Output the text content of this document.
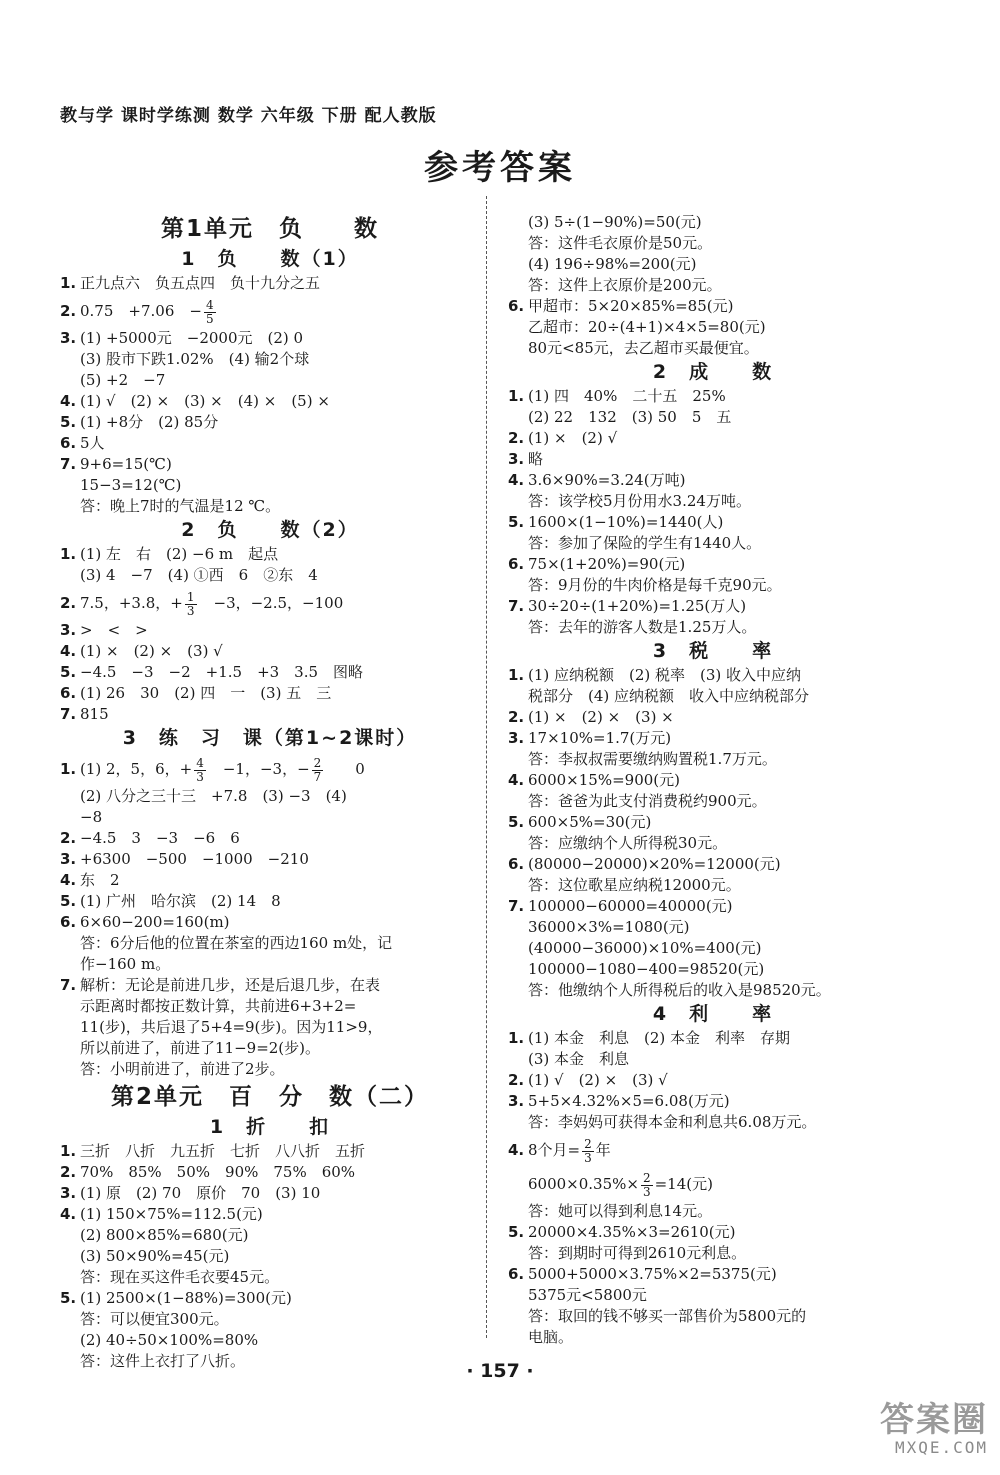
教与学 课时学练测 数学 六年级 下册 配人教版
参考答案
第1单元　负　　数
1　负　　数（1）
1. 正九点六　负五点四　负十九分之五
2. 0.75　+7.06　− $\frac{4}{5}$
3. (1) +5000元　−2000元　(2) 0
(3) 股市下跌1.02%　(4) 输2个球
(5) +2　−7
4. (1) √　(2) ×　(3) ×　(4) ×　(5) ×
5. (1) +8分　(2) 85分
6. 5人
7. 9+6=15(℃)
15−3=12(℃)
答：晚上7时的气温是12 ℃。
2　负　　数（2）
1. (1) 左　右　(2) −6 m　起点
(3) 4　−7　(4) ①西　6　②东　4
2. 7.5，+3.8，+ $\frac{1}{3}$ 　−3，−2.5，−100
3. >　<　>
4. (1) ×　(2) ×　(3) √
5. −4.5　−3　−2　+1.5　+3　3.5　图略
6. (1) 26　30　(2) 四　一　(3) 五　三
7. 815
3　练　习　课（第1~2课时）
1. (1) 2，5，6，+ $\frac{4}{3}$ 　−1，−3，− $\frac{2}{7}$ 　　0
(2) 八分之三十三　+7.8　(3) −3　(4)
−8
2. −4.5　3　−3　−6　6
3. +6300　−500　−1000　−210
4. 东　2
5. (1) 广州　哈尔滨　(2) 14　8
6. 6×60−200=160(m)
答：6分后他的位置在茶室的西边160 m处，记
作−160 m。
7. 解析：无论是前进几步，还是后退几步，在表
示距离时都按正数计算，共前进6+3+2=
11(步)，共后退了5+4=9(步)。因为11>9，
所以前进了，前进了11−9=2(步)。
答：小明前进了，前进了2步。
第2单元　百　分　数（二）
1　折　　扣
1. 三折　八折　九五折　七折　八八折　五折
2. 70%　85%　50%　90%　75%　60%
3. (1) 原　(2) 70　原价　70　(3) 10
4. (1) 150×75%=112.5(元)
(2) 800×85%=680(元)
(3) 50×90%=45(元)
答：现在买这件毛衣要45元。
5. (1) 2500×(1−88%)=300(元)
答：可以便宜300元。
(2) 40÷50×100%=80%
答：这件上衣打了八折。
(3) 5÷(1−90%)=50(元)
答：这件毛衣原价是50元。
(4) 196÷98%=200(元)
答：这件上衣原价是200元。
6. 甲超市：5×20×85%=85(元)
乙超市：20÷(4+1)×4×5=80(元)
80元<85元，去乙超市买最便宜。
2　成　　数
1. (1) 四　40%　二十五　25%
(2) 22　132　(3) 50　5　五
2. (1) ×　(2) √
3. 略
4. 3.6×90%=3.24(万吨)
答：该学校5月份用水3.24万吨。
5. 1600×(1−10%)=1440(人)
答：参加了保险的学生有1440人。
6. 75×(1+20%)=90(元)
答：9月份的牛肉价格是每千克90元。
7. 30÷20÷(1+20%)=1.25(万人)
答：去年的游客人数是1.25万人。
3　税　　率
1. (1) 应纳税额　(2) 税率　(3) 收入中应纳
税部分　(4) 应纳税额　收入中应纳税部分
2. (1) ×　(2) ×　(3) ×
3. 17×10%=1.7(万元)
答：李叔叔需要缴纳购置税1.7万元。
4. 6000×15%=900(元)
答：爸爸为此支付消费税约900元。
5. 600×5%=30(元)
答：应缴纳个人所得税30元。
6. (80000−20000)×20%=12000(元)
答：这位歌星应纳税12000元。
7. 100000−60000=40000(元)
36000×3%=1080(元)
(40000−36000)×10%=400(元)
100000−1080−400=98520(元)
答：他缴纳个人所得税后的收入是98520元。
4　利　　率
1. (1) 本金　利息　(2) 本金　利率　存期
(3) 本金　利息
2. (1) √　(2) ×　(3) √
3. 5+5×4.32%×5=6.08(万元)
答：李妈妈可获得本金和利息共6.08万元。
4. 8个月= $\frac{2}{3}$ 年
$6000\times 0.35\%\times \frac{2}{3} =14$(元)
答：她可以得到利息14元。
5. 20000×4.35%×3=2610(元)
答：到期时可得到2610元利息。
6. 5000+5000×3.75%×2=5375(元)
5375元<5800元
答：取回的钱不够买一部售价为5800元的
电脑。
· 157 ·
答案圈
MXQE.COM
